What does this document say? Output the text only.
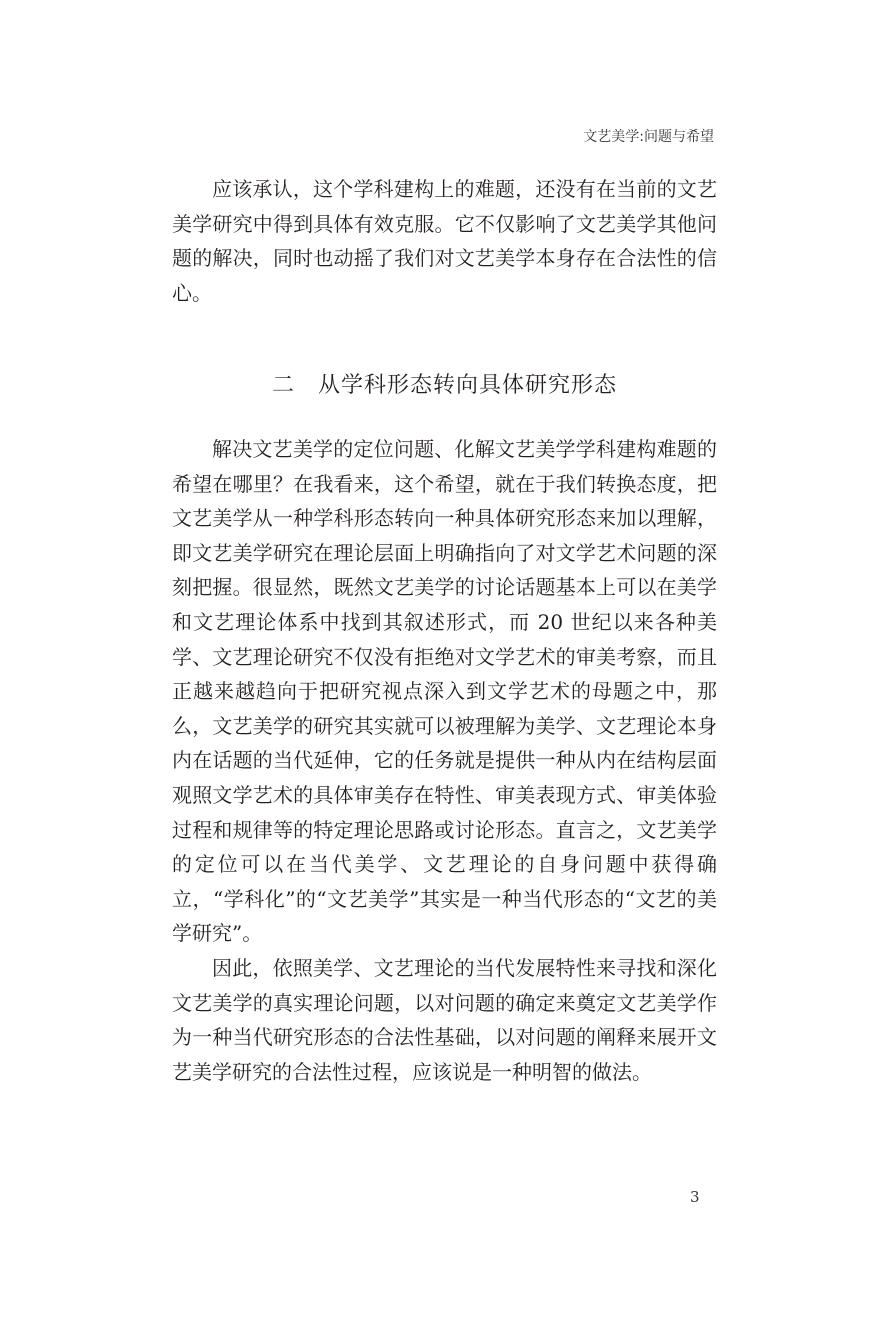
文艺美学:问题与希望

应该承认，这个学科建构上的难题，还没有在当前的文艺美学研究中得到具体有效克服。它不仅影响了文艺美学其他问题的解决，同时也动摇了我们对文艺美学本身存在合法性的信心。

二　从学科形态转向具体研究形态

解决文艺美学的定位问题、化解文艺美学学科建构难题的希望在哪里？在我看来，这个希望，就在于我们转换态度，把文艺美学从一种学科形态转向一种具体研究形态来加以理解，即文艺美学研究在理论层面上明确指向了对文学艺术问题的深刻把握。很显然，既然文艺美学的讨论话题基本上可以在美学和文艺理论体系中找到其叙述形式，而 20 世纪以来各种美学、文艺理论研究不仅没有拒绝对文学艺术的审美考察，而且正越来越趋向于把研究视点深入到文学艺术的母题之中，那么，文艺美学的研究其实就可以被理解为美学、文艺理论本身内在话题的当代延伸，它的任务就是提供一种从内在结构层面观照文学艺术的具体审美存在特性、审美表现方式、审美体验过程和规律等的特定理论思路或讨论形态。直言之，文艺美学的定位可以在当代美学、文艺理论的自身问题中获得确立，“学科化”的“文艺美学”其实是一种当代形态的“文艺的美学研究”。

因此，依照美学、文艺理论的当代发展特性来寻找和深化文艺美学的真实理论问题，以对问题的确定来奠定文艺美学作为一种当代研究形态的合法性基础，以对问题的阐释来展开文艺美学研究的合法性过程，应该说是一种明智的做法。

3
